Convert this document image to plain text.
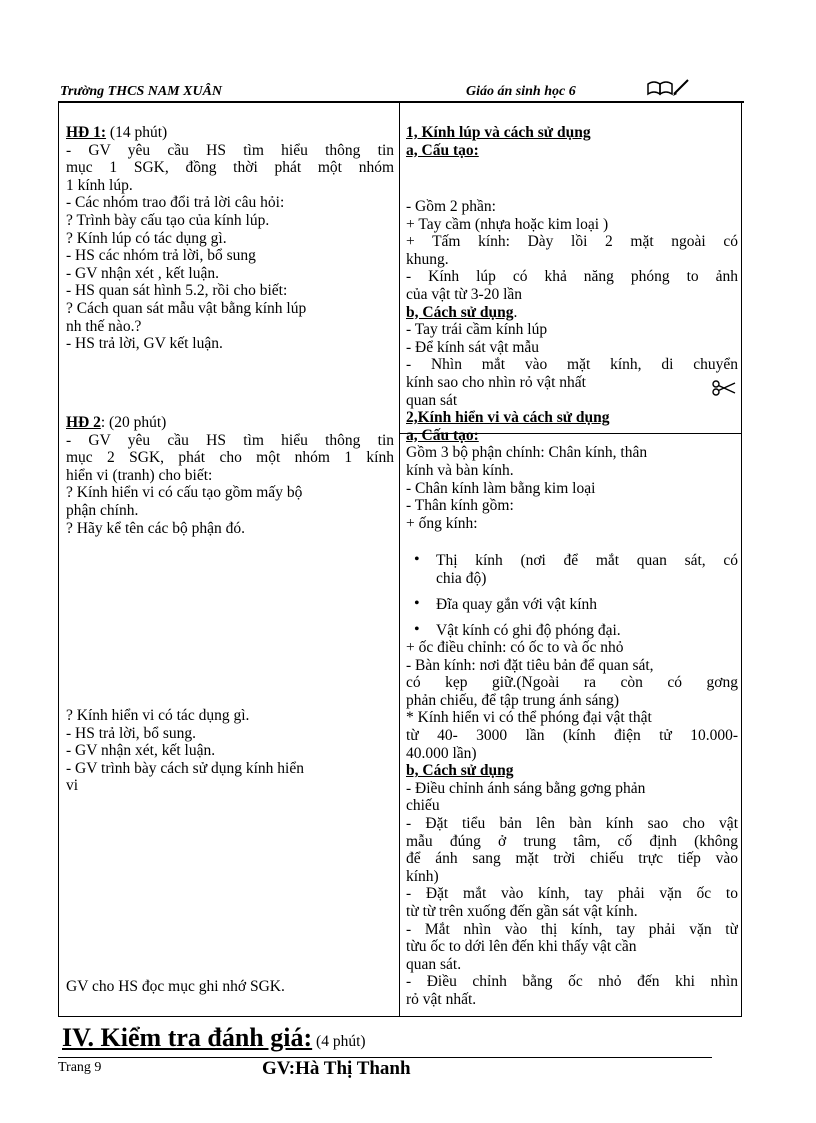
Trường THCS NAM XUÂN	Giáo án sinh học 6
HĐ 1: (14 phút)
- GV yêu cầu HS tìm hiểu thông tin
mục 1 SGK, đồng thời phát một nhóm
1 kính lúp.
- Các nhóm trao đổi trả lời câu hỏi:
? Trình bày cấu tạo của kính lúp.
? Kính lúp có tác dụng gì.
- HS các nhóm trả lời, bổ sung
- GV nhận xét , kết luận.
- HS quan sát hình 5.2, rồi cho biết:
? Cách quan sát mẫu vật bằng kính lúp
nh thế nào.?
- HS trả lời, GV kết luận.
HĐ 2: (20 phút)
- GV yêu cầu HS tìm hiểu thông tin
mục 2 SGK, phát cho một nhóm 1 kính
hiển vi (tranh) cho biết:
? Kính hiển vi có cấu tạo gồm mấy bộ
phận chính.
? Hãy kể tên các bộ phận đó.
? Kính hiển vi có tác dụng gì.
- HS trả lời, bổ sung.
- GV nhận xét, kết luận.
- GV trình bày cách sử dụng kính hiển
vi
GV cho HS đọc mục ghi nhớ SGK.
1, Kính lúp và cách sử dụng
a, Cấu tạo:
- Gồm 2 phần:
+ Tay cầm (nhựa hoặc kim loại )
+ Tấm kính: Dày lồi 2 mặt ngoài có
khung.
- Kính lúp có khả năng phóng to ảnh
của vật từ 3-20 lần
b, Cách sử dụng.
- Tay trái cầm kính lúp
- Để kính sát vật mẫu
- Nhìn mắt vào mặt kính, di chuyển
kính sao cho nhìn rỏ vật nhất
quan sát
2,Kính hiển vi và cách sử dụng
a, Cấu tạo:
Gồm 3 bộ phận chính: Chân kính, thân
kính và bàn kính.
- Chân kính làm bằng kim loại
- Thân kính gồm:
+ ống kính:
• Thị kính (nơi để mắt quan sát, có
chia độ)
• Đĩa quay gắn với vật kính
• Vật kính có ghi độ phóng đại.
+ ốc điều chỉnh: có ốc to và ốc nhỏ
- Bàn kính: nơi đặt tiêu bản để quan sát,
có kẹp giữ.(Ngoài ra còn có gơng
phản chiếu, để tập trung ánh sáng)
* Kính hiển vi có thể phóng đại vật thật
từ 40- 3000 lần (kính điện tử 10.000-
40.000 lần)
b, Cách sử dụng
- Điều chỉnh ánh sáng bằng gơng phản
chiếu
- Đặt tiểu bản lên bàn kính sao cho vật
mẫu đúng ở trung tâm, cố định (không
để ánh sang mặt trời chiếu trực tiếp vào
kính)
- Đặt mắt vào kính, tay phải vặn ốc to
từ từ trên xuống đến gần sát vật kính.
- Mắt nhìn vào thị kính, tay phải vặn từ
từu ốc to dới lên đến khi thấy vật cần
quan sát.
- Điều chỉnh bằng ốc nhỏ đến khi nhìn
rỏ vật nhất.
IV. Kiểm tra đánh giá: (4 phút)
Trang 9	GV:Hà Thị Thanh
